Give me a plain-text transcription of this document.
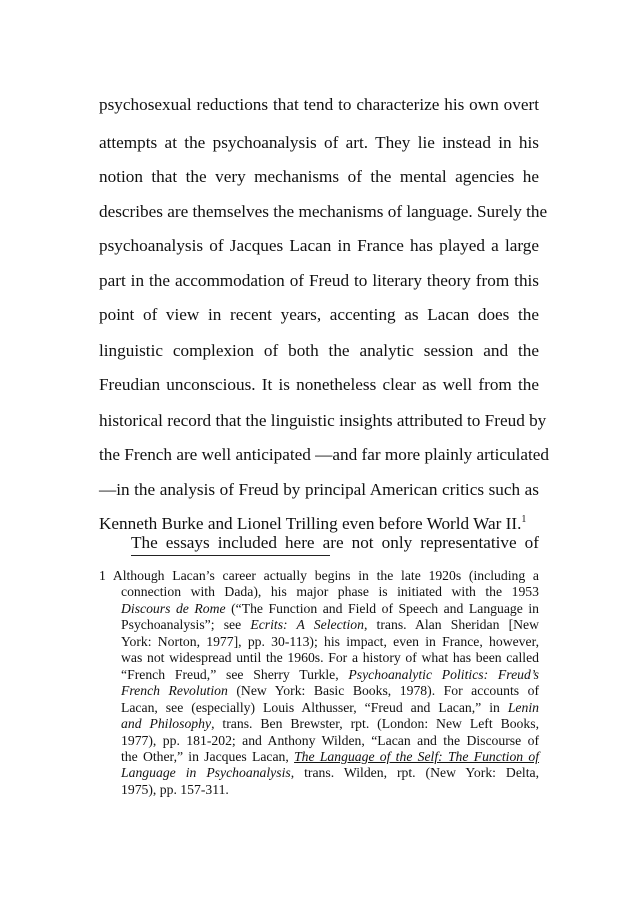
psychosexual reductions that tend to characterize his own overt
attempts at the psychoanalysis of art. They lie instead in his
notion that the very mechanisms of the mental agencies he
describes are themselves the mechanisms of language. Surely the
psychoanalysis of Jacques Lacan in France has played a large
part in the accommodation of Freud to literary theory from this
point of view in recent years, accenting as Lacan does the
linguistic complexion of both the analytic session and the
Freudian unconscious. It is nonetheless clear as well from the
historical record that the linguistic insights attributed to Freud by
the French are well anticipated —and far more plainly articulated
—in the analysis of Freud by principal American critics such as
Kenneth Burke and Lionel Trilling even before World War II.$^1$
The essays included here are not only representative of
1 Although Lacan’s career actually begins in the late 1920s (including a
connection with Dada), his major phase is initiated with the 1953
Discours de Rome (“The Function and Field of Speech and Language in
Psychoanalysis”; see Ecrits: A Selection, trans. Alan Sheridan [New
York: Norton, 1977], pp. 30-113); his impact, even in France, however,
was not widespread until the 1960s. For a history of what has been called
“French Freud,” see Sherry Turkle, Psychoanalytic Politics: Freud’s
French Revolution (New York: Basic Books, 1978). For accounts of
Lacan, see (especially) Louis Althusser, “Freud and Lacan,” in Lenin
and Philosophy, trans. Ben Brewster, rpt. (London: New Left Books,
1977), pp. 181-202; and Anthony Wilden, “Lacan and the Discourse of
the Other,” in Jacques Lacan, The Language of the Self: The Function of
Language in Psychoanalysis, trans. Wilden, rpt. (New York: Delta,
1975), pp. 157-311.
